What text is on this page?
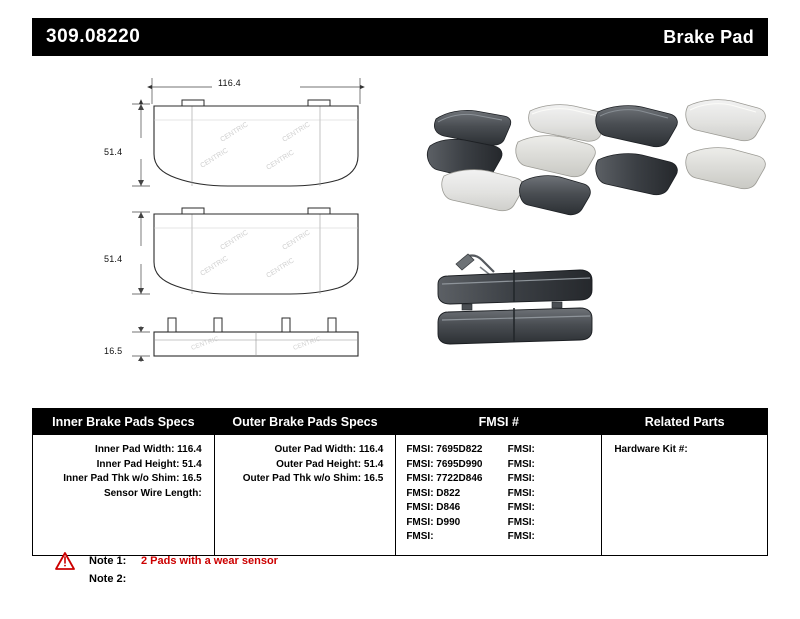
309.08220	Brake Pad
116.4
51.4
51.4
16.5
CENTRIC	CENTRIC
CENTRIC	CENTRIC
CENTRIC	CENTRIC
CENTRIC	CENTRIC
CENTRIC	CENTRIC
Inner Brake Pads Specs
Inner Pad Width: 116.4
Inner Pad Height: 51.4
Inner Pad Thk w/o Shim: 16.5
Sensor Wire Length:
Outer Brake Pads Specs
Outer Pad Width: 116.4
Outer Pad Height: 51.4
Outer Pad Thk w/o Shim: 16.5
FMSI #
FMSI: 7695D822	FMSI:
FMSI: 7695D990	FMSI:
FMSI: 7722D846	FMSI:
FMSI: D822	FMSI:
FMSI: D846	FMSI:
FMSI: D990	FMSI:
FMSI:	FMSI:
Related Parts
Hardware Kit #:
Note 1:	2 Pads with a wear sensor
Note 2:
